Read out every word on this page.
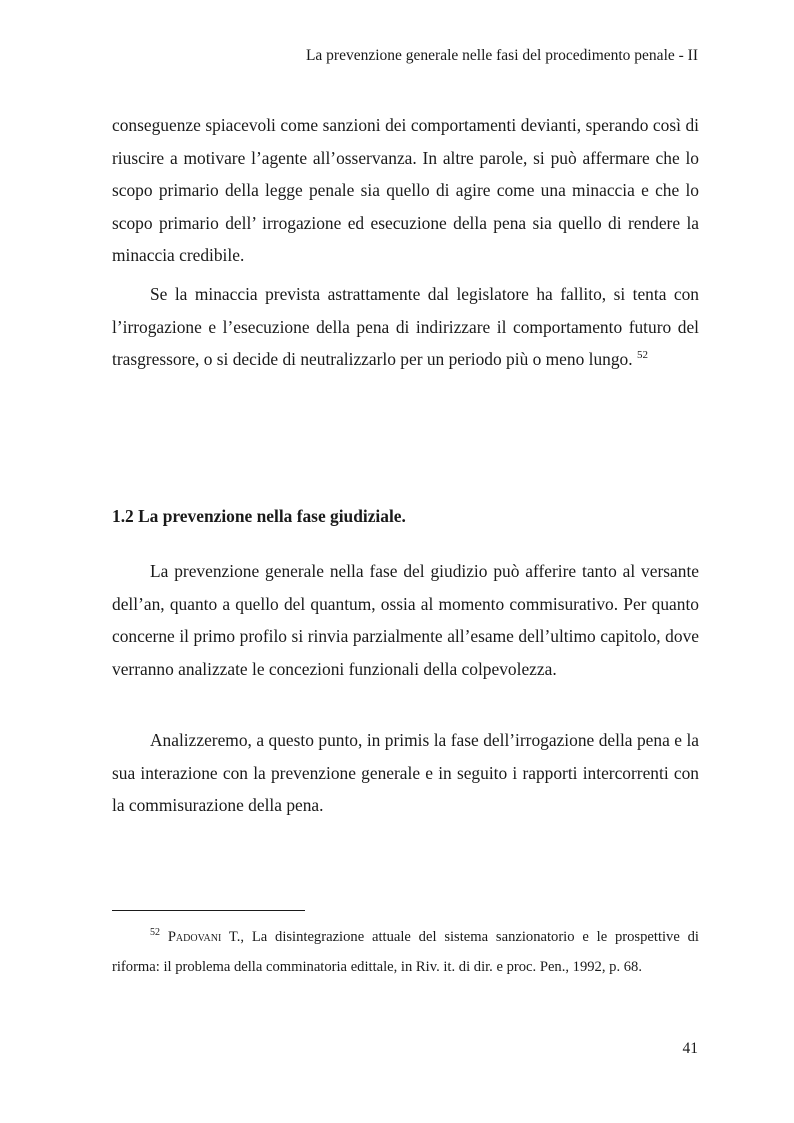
La prevenzione generale nelle fasi del procedimento penale - II

conseguenze spiacevoli come sanzioni dei comportamenti devianti, sperando così di riuscire a motivare l’agente all’osservanza. In altre parole, si può affermare che lo scopo primario della legge penale sia quello di agire come una minaccia e che lo scopo primario dell’ irrogazione ed esecuzione della pena sia quello di rendere la minaccia credibile.

Se la minaccia prevista astrattamente dal legislatore ha fallito, si tenta con l’irrogazione e l’esecuzione della pena di indirizzare il comportamento futuro del trasgressore, o si decide di neutralizzarlo per un periodo più o meno lungo. $^{52}$

1.2 La prevenzione nella fase giudiziale.

La prevenzione generale nella fase del giudizio può afferire tanto al versante dell’an, quanto a quello del quantum, ossia al momento commisurativo. Per quanto concerne il primo profilo si rinvia parzialmente all’esame dell’ultimo capitolo, dove verranno analizzate le concezioni funzionali della colpevolezza.

Analizzeremo, a questo punto, in primis la fase dell’irrogazione della pena e la sua interazione con la prevenzione generale e in seguito i rapporti intercorrenti con la commisurazione della pena.

$^{52}$ Padovani T., La disintegrazione attuale del sistema sanzionatorio e le prospettive di riforma: il problema della comminatoria edittale, in Riv. it. di dir. e proc. Pen., 1992, p. 68.
41
